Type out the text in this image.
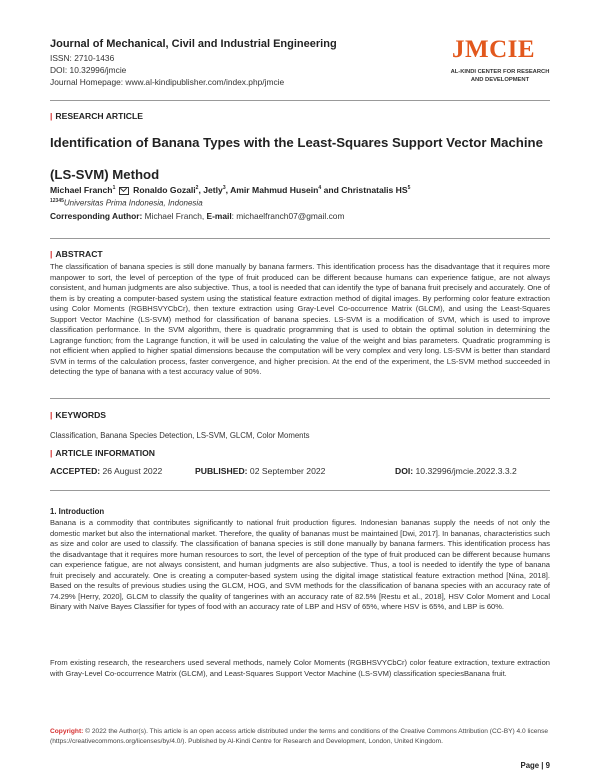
Journal of Mechanical, Civil and Industrial Engineering
ISSN: 2710-1436
DOI: 10.32996/jmcie
Journal Homepage: www.al-kindipublisher.com/index.php/jmcie
JMCIE
AL-KINDI CENTER FOR RESEARCH
AND DEVELOPMENT
| RESEARCH ARTICLE
Identification of Banana Types with the Least-Squares Support Vector Machine
(LS-SVM) Method
Michael Franch$^1$ Ronaldo Gozali$^2$, Jetly$^3$, Amir Mahmud Husein$^4$ and Christnatalis $HS^5$
$^{12345}$Universitas Prima Indonesia, Indonesia
Corresponding Author: Michael Franch, E-mail: michaelfranch07@gmail.com
| ABSTRACT
The classification of banana species is still done manually by banana farmers. This identification process has the disadvantage that it requires more manpower to sort, the level of perception of the type of fruit produced can be different because humans can experience fatigue, are not always consistent, and human judgments are also subjective. Thus, a tool is needed that can identify the type of banana fruit precisely and accurately. One of them is by creating a computer-based system using the statistical feature extraction method of digital images. By performing color feature extraction using Color Moments (RGBHSVYCbCr), then texture extraction using Gray-Level Co-occurrence Matrix (GLCM), and using the Least-Squares Support Vector Machine (LS-SVM) method for classification of banana species. LS-SVM is a modification of SVM, which is used to improve classification performance. In the SVM algorithm, there is quadratic programming that is used to obtain the optimal solution in determining the Lagrange function; from the Lagrange function, it will be used in calculating the value of the weight and bias parameters. Quadratic programming is not efficient when applied to higher spatial dimensions because the computation will be very complex and very long. LS-SVM is better than standard SVM in terms of the calculation process, faster convergence, and higher precision. At the end of the experiment, the LS-SVM method succeeded in detecting the type of banana with a test accuracy value of 90%.
| KEYWORDS
Classification, Banana Species Detection, LS-SVM, GLCM, Color Moments
| ARTICLE INFORMATION
ACCEPTED: 26 August 2022	PUBLISHED: 02 September 2022	DOI: 10.32996/jmcie.2022.3.3.2
1. Introduction
Banana is a commodity that contributes significantly to national fruit production figures. Indonesian bananas supply the needs of not only the domestic market but also the international market. Therefore, the quality of bananas must be maintained [Dwi, 2017]. In bananas, characteristics such as size and color are used to classify. The classification of banana species is still done manually by banana farmers. This identification process has the disadvantage that it requires more human resources to sort, the level of perception of the type of fruit produced can be different because humans can experience fatigue, are not always consistent, and human judgments are also subjective. Thus, a tool is needed to identify the type of banana fruit precisely and accurately. One is creating a computer-based system using the digital image statistical feature extraction method [Nina, 2018]. Based on the results of previous studies using the GLCM, HOG, and SVM methods for the classification of banana species with an accuracy rate of 74.29% [Herry, 2020], GLCM to classify the quality of tangerines with an accuracy rate of 82.5% [Restu et al., 2018], HSV Color Moment and Local Binary with Naïve Bayes Classifier for types of food with an accuracy rate of LBP and HSV of 65%, where HSV is 65%, and LBP is 60%.
From existing research, the researchers used several methods, namely Color Moments (RGBHSVYCbCr) color feature extraction, texture extraction with Gray-Level Co-occurrence Matrix (GLCM), and Least-Squares Support Vector Machine (LS-SVM) classification speciesBanana fruit.
Copyright: © 2022 the Author(s). This article is an open access article distributed under the terms and conditions of the Creative Commons Attribution (CC-BY) 4.0 license (https://creativecommons.org/licenses/by/4.0/). Published by Al-Kindi Centre for Research and Development, London, United Kingdom.
Page | 9
